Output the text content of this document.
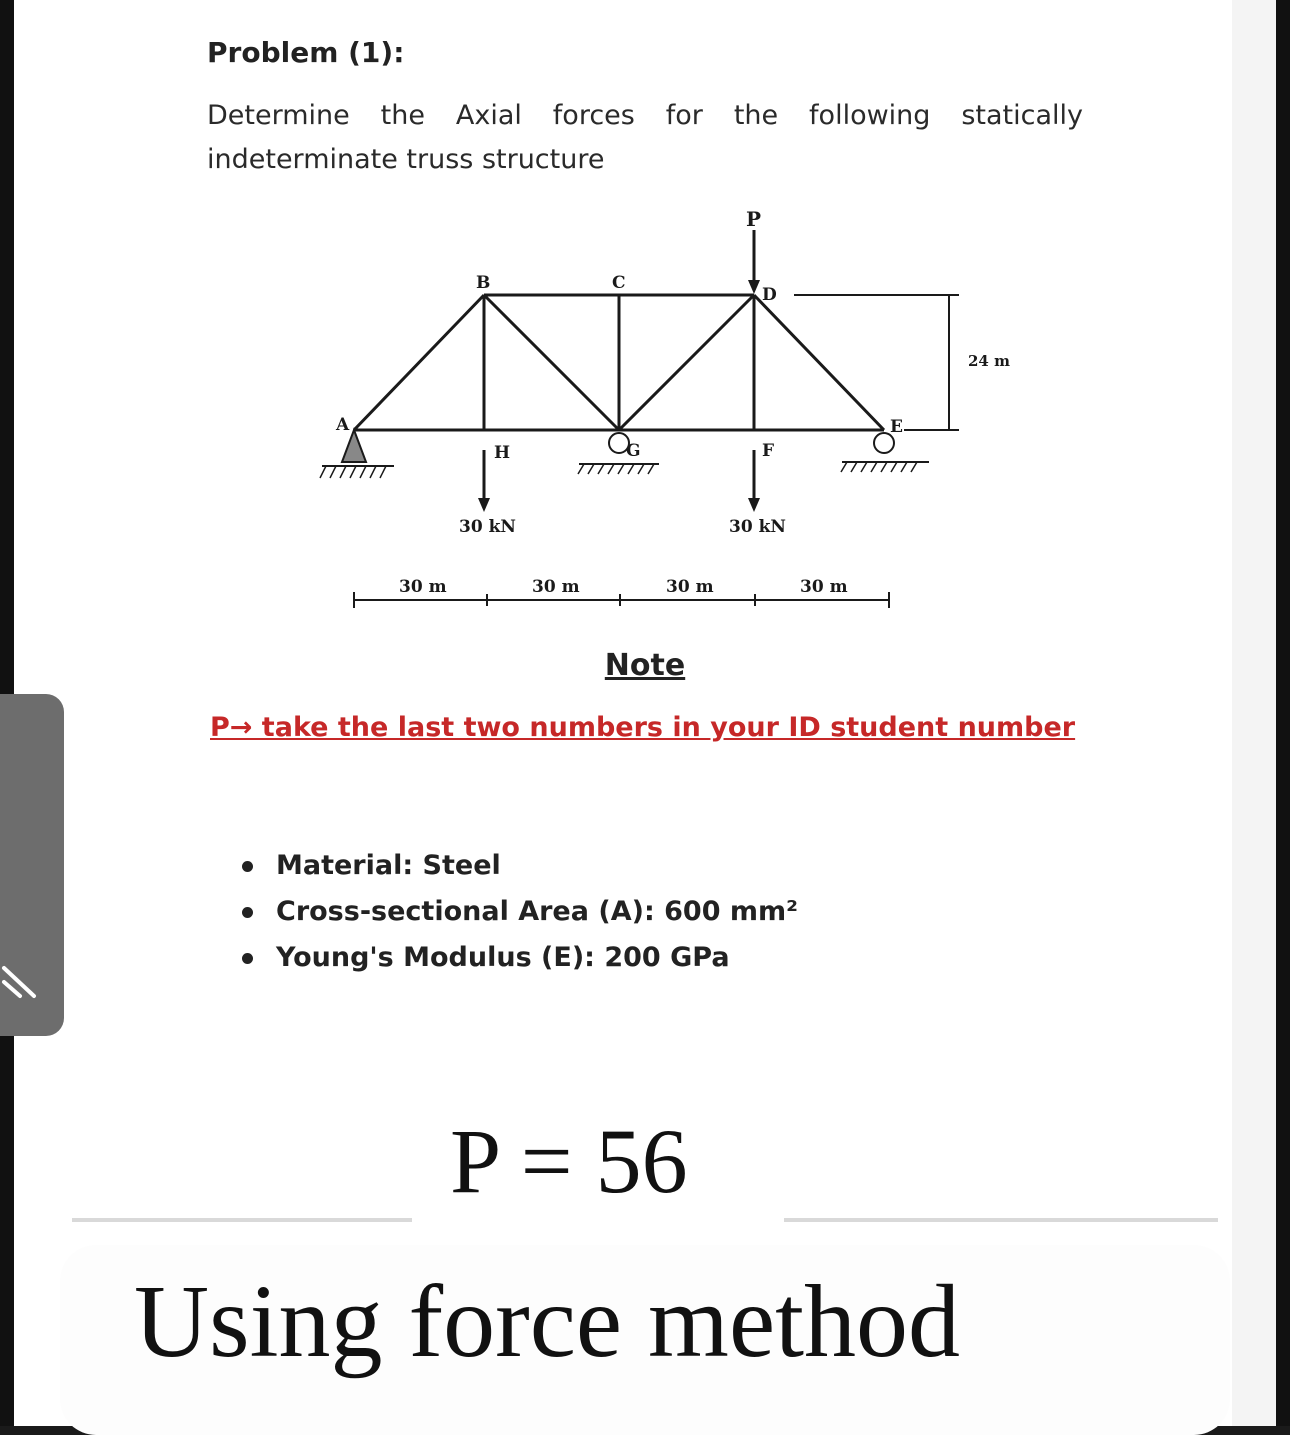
Problem (1):
Determine the Axial forces for the following statically
indeterminate truss structure
A
B	C
D
E
H	G	F
P
30 kN	30 kN
24 m
30 m	30 m	30 m	30 m
Note
P→ take the last two numbers in your ID student number
Material: Steel
Cross-sectional Area (A): 600 mm²
Young's Modulus (E): 200 GPa
P = 56
Using force method
